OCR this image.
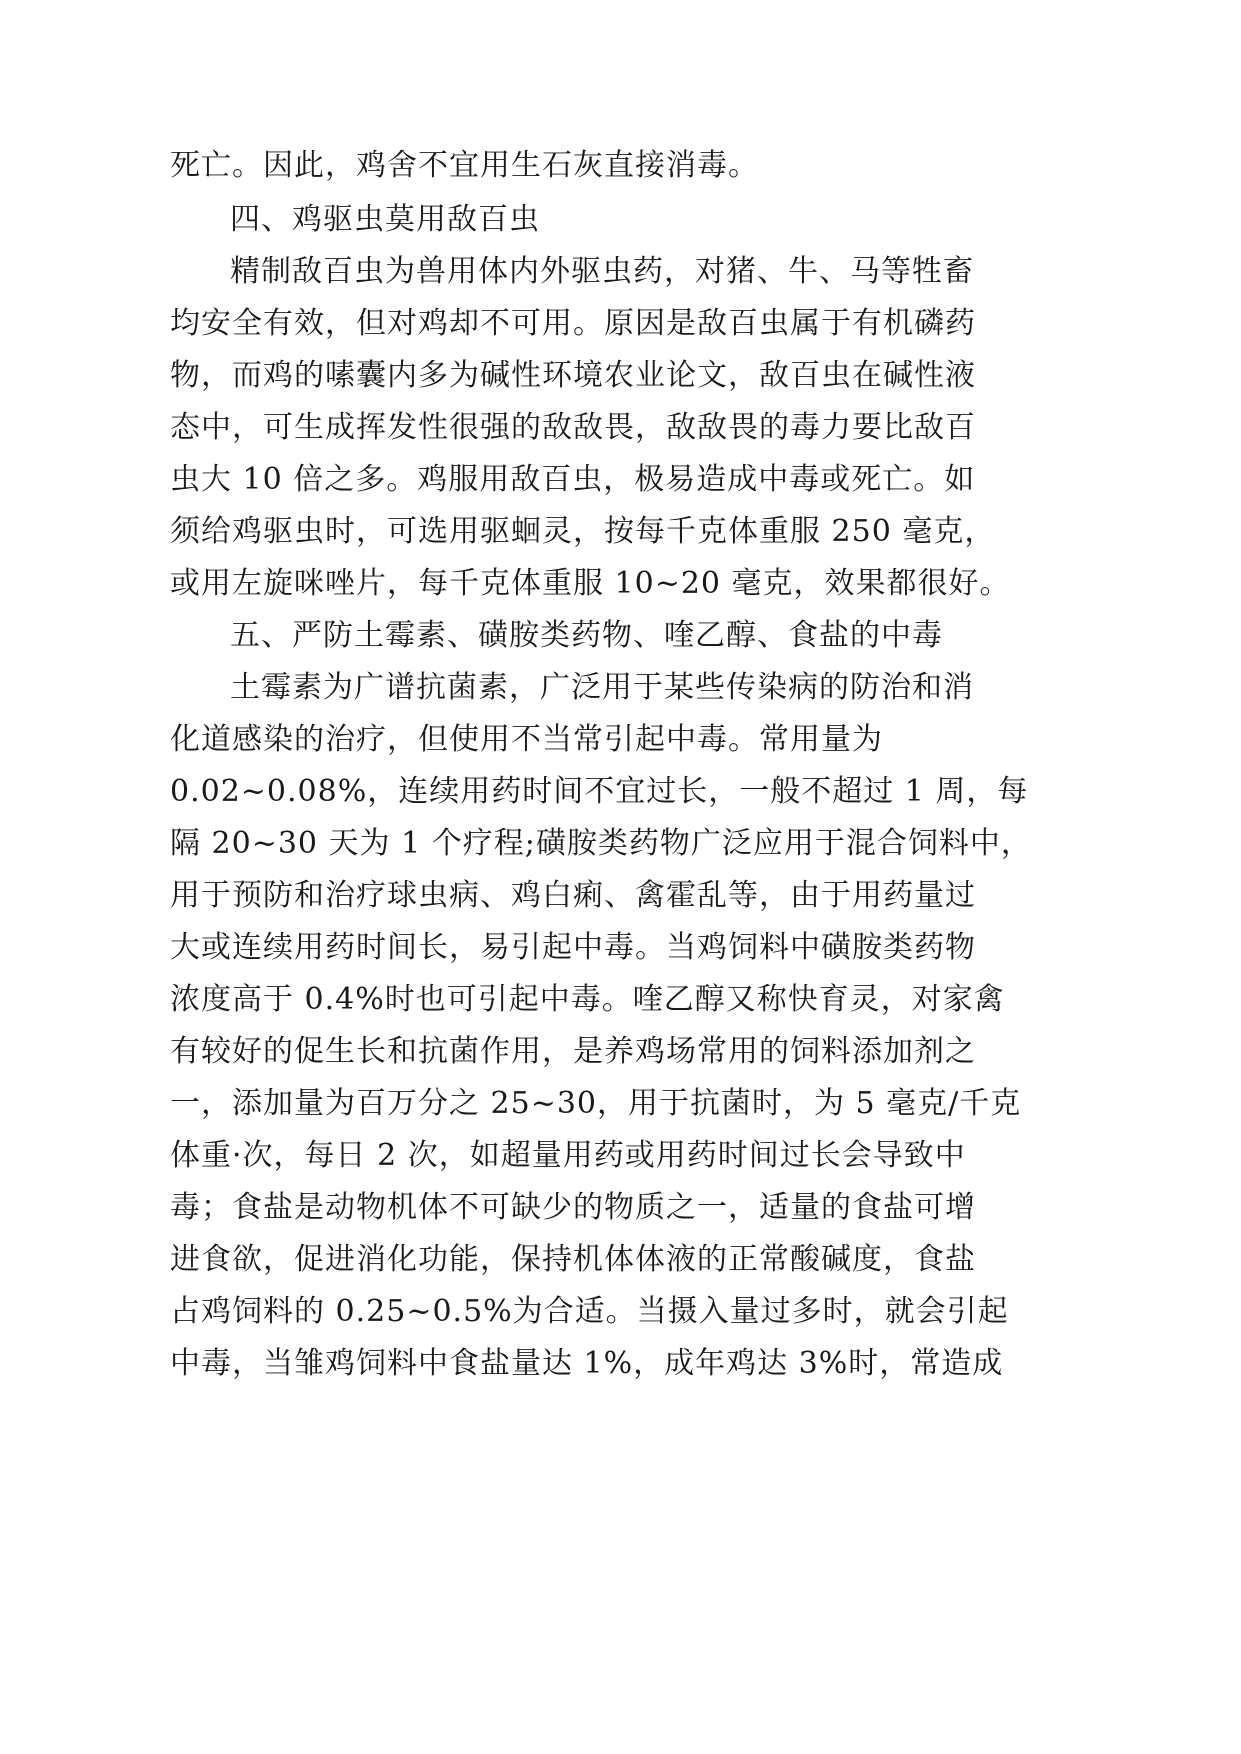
死亡。因此，鸡舍不宜用生石灰直接消毒。
四、鸡驱虫莫用敌百虫
精制敌百虫为兽用体内外驱虫药，对猪、牛、马等牲畜
均安全有效，但对鸡却不可用。原因是敌百虫属于有机磷药
物，而鸡的嗉囊内多为碱性环境农业论文，敌百虫在碱性液
态中，可生成挥发性很强的敌敌畏，敌敌畏的毒力要比敌百
虫大 10 倍之多。鸡服用敌百虫，极易造成中毒或死亡。如
须给鸡驱虫时，可选用驱蛔灵，按每千克体重服 250 毫克，
或用左旋咪唑片，每千克体重服 10~20 毫克，效果都很好。
五、严防土霉素、磺胺类药物、喹乙醇、食盐的中毒
土霉素为广谱抗菌素，广泛用于某些传染病的防治和消
化道感染的治疗，但使用不当常引起中毒。常用量为
0.02~0.08%，连续用药时间不宜过长，一般不超过 1 周，每
隔 20~30 天为 1 个疗程;磺胺类药物广泛应用于混合饲料中，
用于预防和治疗球虫病、鸡白痢、禽霍乱等，由于用药量过
大或连续用药时间长，易引起中毒。当鸡饲料中磺胺类药物
浓度高于 0.4%时也可引起中毒。喹乙醇又称快育灵，对家禽
有较好的促生长和抗菌作用，是养鸡场常用的饲料添加剂之
一，添加量为百万分之 25~30，用于抗菌时，为 5 毫克/千克
体重·次，每日 2 次，如超量用药或用药时间过长会导致中
毒；食盐是动物机体不可缺少的物质之一，适量的食盐可增
进食欲，促进消化功能，保持机体体液的正常酸碱度，食盐
占鸡饲料的 0.25~0.5%为合适。当摄入量过多时，就会引起
中毒，当雏鸡饲料中食盐量达 1%，成年鸡达 3%时，常造成
